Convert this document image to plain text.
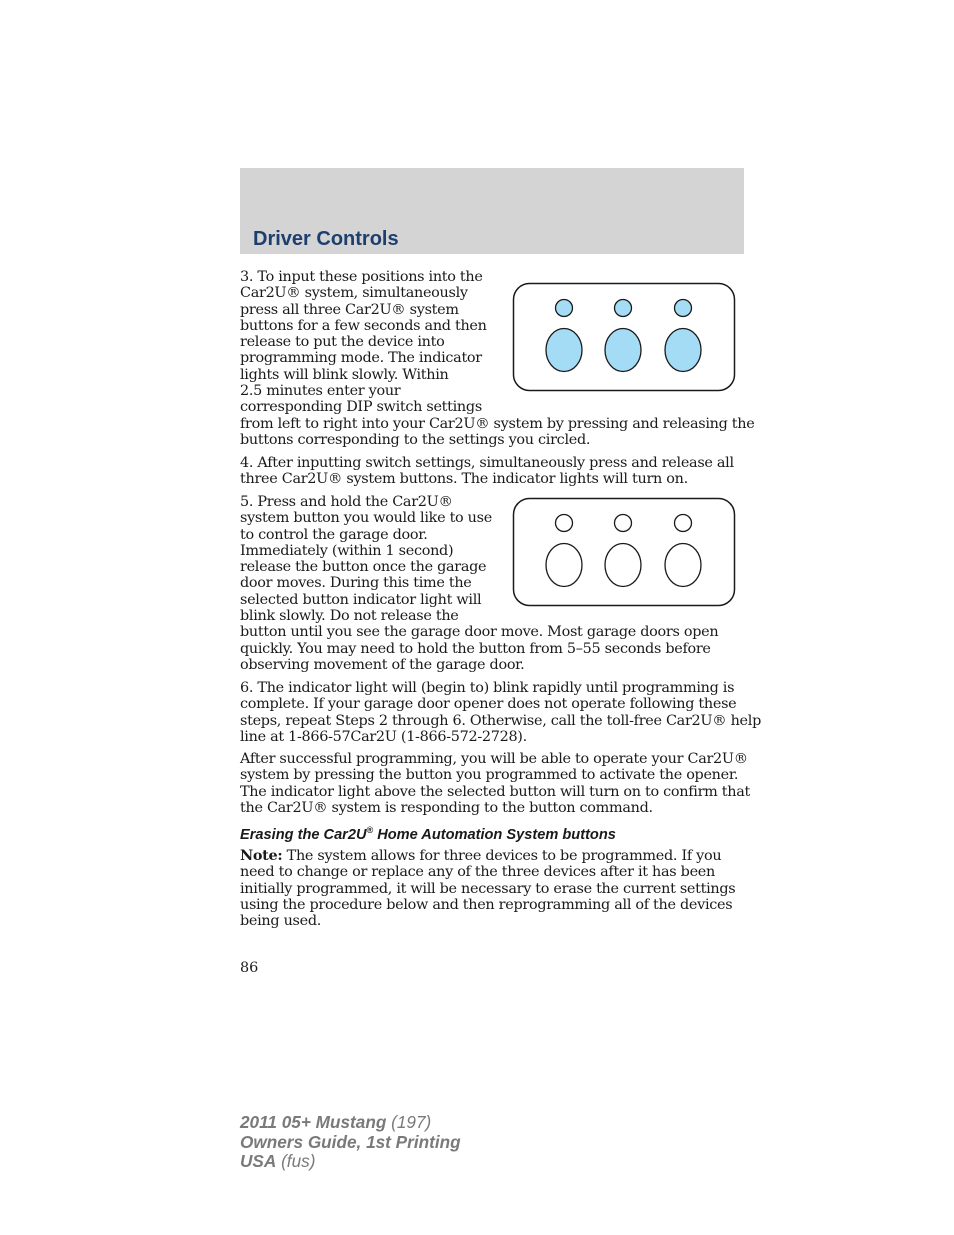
Driver Controls
3. To input these positions into the
Car2U® system, simultaneously
press all three Car2U® system
buttons for a few seconds and then
release to put the device into
programming mode. The indicator
lights will blink slowly. Within
2.5 minutes enter your
corresponding DIP switch settings
from left to right into your Car2U® system by pressing and releasing the
buttons corresponding to the settings you circled.
4. After inputting switch settings, simultaneously press and release all
three Car2U® system buttons. The indicator lights will turn on.
5. Press and hold the Car2U®
system button you would like to use
to control the garage door.
Immediately (within 1 second)
release the button once the garage
door moves. During this time the
selected button indicator light will
blink slowly. Do not release the
button until you see the garage door move. Most garage doors open
quickly. You may need to hold the button from 5–55 seconds before
observing movement of the garage door.
6. The indicator light will (begin to) blink rapidly until programming is
complete. If your garage door opener does not operate following these
steps, repeat Steps 2 through 6. Otherwise, call the toll-free Car2U® help
line at 1-866-57Car2U (1-866-572-2728).
After successful programming, you will be able to operate your Car2U®
system by pressing the button you programmed to activate the opener.
The indicator light above the selected button will turn on to confirm that
the Car2U® system is responding to the button command.
Erasing the Car2U® Home Automation System buttons
Note: The system allows for three devices to be programmed. If you
need to change or replace any of the three devices after it has been
initially programmed, it will be necessary to erase the current settings
using the procedure below and then reprogramming all of the devices
being used.
86
2011 05+ Mustang (197)
Owners Guide, 1st Printing
USA (fus)
